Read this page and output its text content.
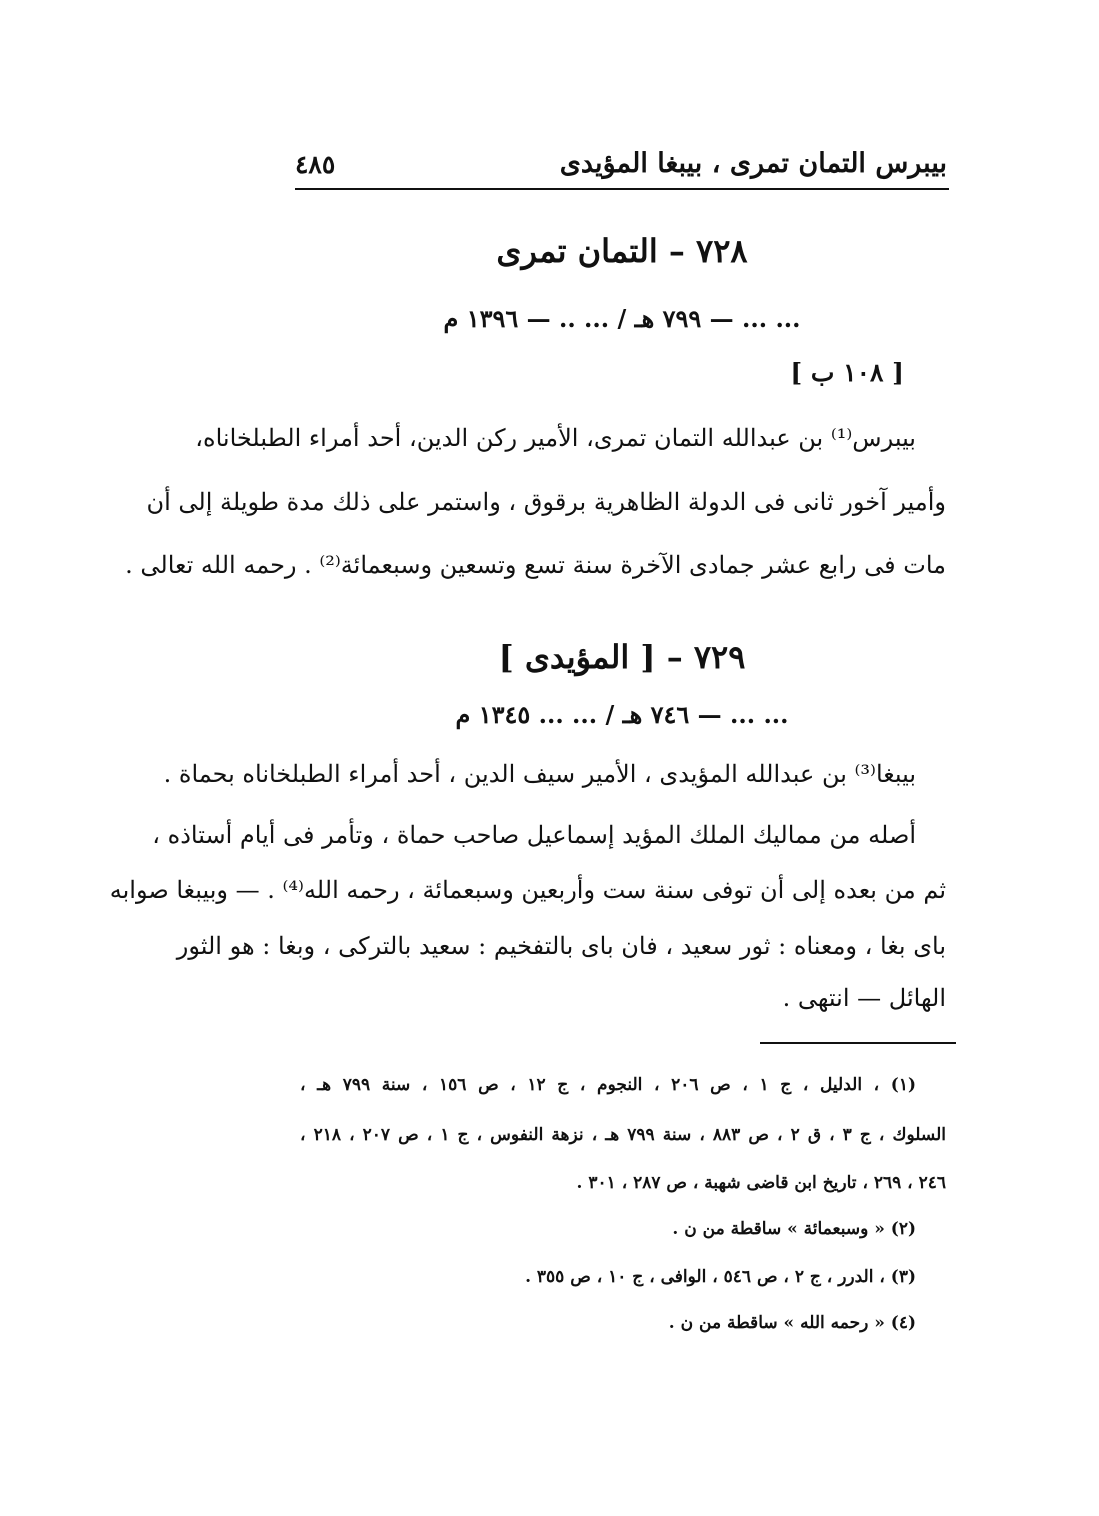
بيبرس التمان تمرى ، بيبغا المؤيدى
٤٨٥
٧٢٨ – التمان تمرى
... ... — ٧٩٩ هـ / ... .. — ١٣٩٦ م
[ ١٠٨ ب ]
بيبرس⁽¹⁾ بن عبدالله التمان تمرى، الأمير ركن الدين، أحد أمراء الطبلخاناه،
وأمير آخور ثانى فى الدولة الظاهرية برقوق ، واستمر على ذلك مدة طويلة إلى أن
مات فى رابع عشر جمادى الآخرة سنة تسع وتسعين وسبعمائة⁽²⁾ . رحمه الله تعالى .
٧٢٩ – [ المؤيدى ]
... ... — ٧٤٦ هـ / ... ... ١٣٤٥ م
بيبغا⁽³⁾ بن عبدالله المؤيدى ، الأمير سيف الدين ، أحد أمراء الطبلخاناه بحماة .
أصله من مماليك الملك المؤيد إسماعيل صاحب حماة ، وتأمر فى أيام أستاذه ،
ثم من بعده إلى أن توفى سنة ست وأربعين وسبعمائة ، رحمه الله⁽⁴⁾ . — وبيبغا صوابه
باى بغا ، ومعناه : ثور سعيد ، فان باى بالتفخيم : سعيد بالتركى ، وبغا : هو الثور
الهائل — انتهى .
(١) ، الدليل ، ج ١ ، ص ٢٠٦ ، النجوم ، ج ١٢ ، ص ١٥٦ ، سنة ٧٩٩ هـ ،
السلوك ، ج ٣ ، ق ٢ ، ص ٨٨٣ ، سنة ٧٩٩ هـ ، نزهة النفوس ، ج ١ ، ص ٢٠٧ ، ٢١٨ ،
٢٤٦ ، ٢٦٩ ، تاريخ ابن قاضى شهبة ، ص ٢٨٧ ، ٣٠١ .
(٢) « وسبعمائة » ساقطة من ن .
(٣) ، الدرر ، ج ٢ ، ص ٥٤٦ ، الوافى ، ج ١٠ ، ص ٣٥٥ .
(٤) « رحمه الله » ساقطة من ن .
